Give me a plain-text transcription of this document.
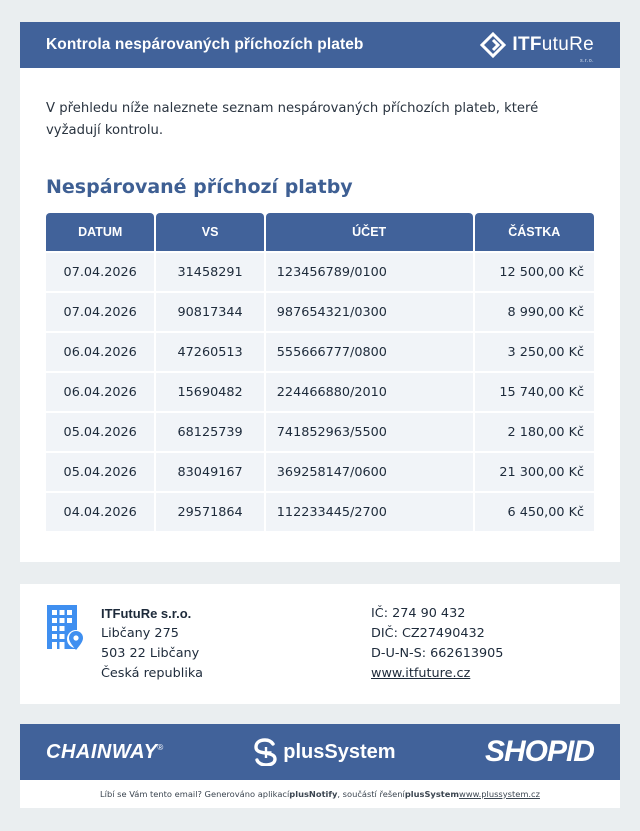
Kontrola nespárovaných příchozích plateb	ITFutuRe
s.r.o.

V přehledu níže naleznete seznam nespárovaných příchozích plateb, které vyžadují kontrolu.

Nespárované příchozí platby
DATUM	VS	ÚČET	ČÁSTKA
07.04.2026	31458291	123456789/0100	12 500,00 Kč
07.04.2026	90817344	987654321/0300	8 990,00 Kč
06.04.2026	47260513	555666777/0800	3 250,00 Kč
06.04.2026	15690482	224466880/2010	15 740,00 Kč
05.04.2026	68125739	741852963/5500	2 180,00 Kč
05.04.2026	83049167	369258147/0600	21 300,00 Kč
04.04.2026	29571864	112233445/2700	6 450,00 Kč
ITFutuRe s.r.o.
Libčany 275
503 22 Libčany
Česká republika
IČ: 274 90 432
DIČ: CZ27490432
D-U-N-S: 662613905
www.itfuture.cz
CHAINWAY®	plusSystem	SHOPID
Líbí se Vám tento email? Generováno aplikací plusNotify , součástí řešení plusSystem www.plussystem.cz
